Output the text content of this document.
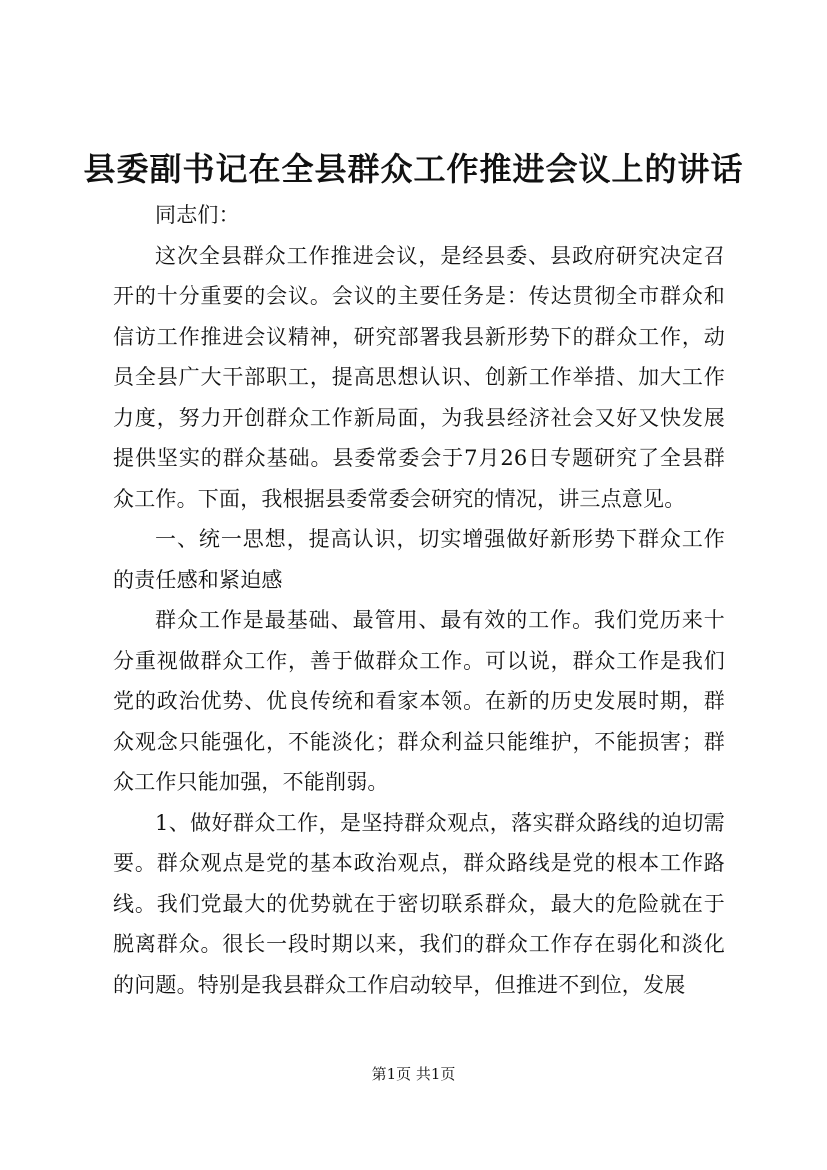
县委副书记在全县群众工作推进会议上的讲话

同志们：

这次全县群众工作推进会议，是经县委、县政府研究决定召开的十分重要的会议。会议的主要任务是：传达贯彻全市群众和信访工作推进会议精神，研究部署我县新形势下的群众工作，动员全县广大干部职工，提高思想认识、创新工作举措、加大工作力度，努力开创群众工作新局面，为我县经济社会又好又快发展提供坚实的群众基础。县委常委会于7月26日专题研究了全县群众工作。下面，我根据县委常委会研究的情况，讲三点意见。

一、统一思想，提高认识，切实增强做好新形势下群众工作的责任感和紧迫感

群众工作是最基础、最管用、最有效的工作。我们党历来十分重视做群众工作，善于做群众工作。可以说，群众工作是我们党的政治优势、优良传统和看家本领。在新的历史发展时期，群众观念只能强化，不能淡化；群众利益只能维护，不能损害；群众工作只能加强，不能削弱。

1、做好群众工作，是坚持群众观点，落实群众路线的迫切需要。群众观点是党的基本政治观点，群众路线是党的根本工作路线。我们党最大的优势就在于密切联系群众，最大的危险就在于脱离群众。很长一段时期以来，我们的群众工作存在弱化和淡化的问题。特别是我县群众工作启动较早，但推进不到位，发展

第1页 共1页
